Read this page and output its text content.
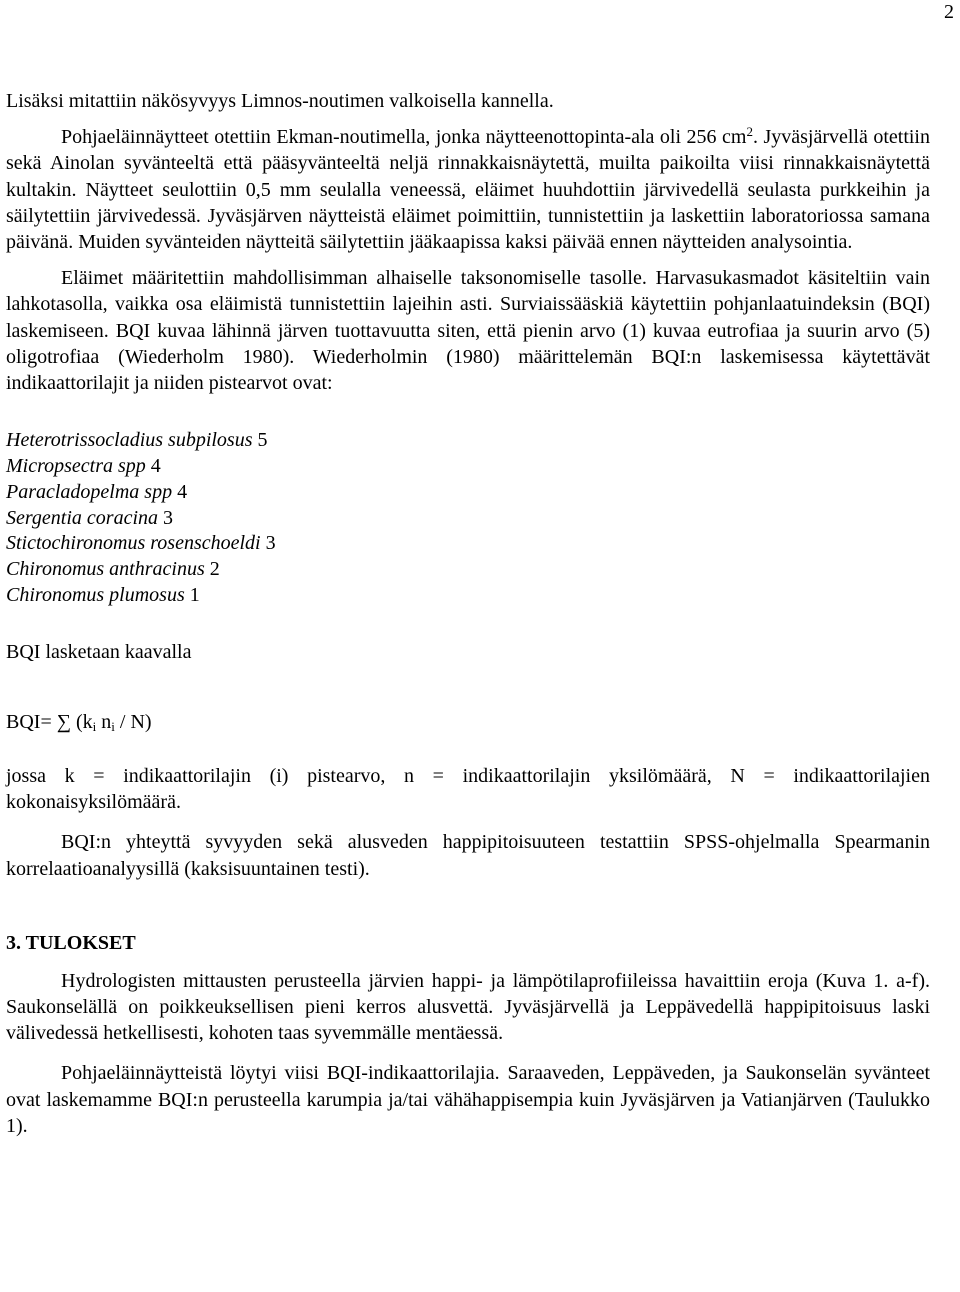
2

Lisäksi mitattiin näkösyvyys Limnos-noutimen valkoisella kannella.

Pohjaeläinnäytteet otettiin Ekman-noutimella, jonka näytteenottopinta-ala oli 256 $cm^2$. Jyväsjärvellä otettiin sekä Ainolan syvänteeltä että pääsyvänteeltä neljä rinnakkaisnäytettä, muilta paikoilta viisi rinnakkaisnäytettä kultakin. Näytteet seulottiin 0,5 mm seulalla veneessä, eläimet huuhdottiin järvivedellä seulasta purkkeihin ja säilytettiin järvivedessä. Jyväsjärven näytteistä eläimet poimittiin, tunnistettiin ja laskettiin laboratoriossa samana päivänä. Muiden syvänteiden näytteitä säilytettiin jääkaapissa kaksi päivää ennen näytteiden analysointia.

Eläimet määritettiin mahdollisimman alhaiselle taksonomiselle tasolle. Harvasukasmadot käsiteltiin vain lahkotasolla, vaikka osa eläimistä tunnistettiin lajeihin asti. Surviaissääskiä käytettiin pohjanlaatuindeksin (BQI) laskemiseen. BQI kuvaa lähinnä järven tuottavuutta siten, että pienin arvo (1) kuvaa eutrofiaa ja suurin arvo (5) oligotrofiaa (Wiederholm 1980). Wiederholmin (1980) määrittelemän BQI:n laskemisessa käytettävät indikaattorilajit ja niiden pistearvot ovat:

Heterotrissocladius subpilosus 5
Micropsectra spp 4
Paracladopelma spp 4
Sergentia coracina 3
Stictochironomus rosenschoeldi 3
Chironomus anthracinus 2
Chironomus plumosus 1

BQI lasketaan kaavalla

BQI= ∑ ($k_i$ $n_i / N$)

jossa k = indikaattorilajin (i) pistearvo, n = indikaattorilajin yksilömäärä, N = indikaattorilajien kokonaisyksilömäärä.

BQI:n yhteyttä syvyyden sekä alusveden happipitoisuuteen testattiin SPSS-ohjelmalla Spearmanin korrelaatioanalyysillä (kaksisuuntainen testi).

3. TULOKSET

Hydrologisten mittausten perusteella järvien happi- ja lämpötilaprofiileissa havaittiin eroja (Kuva 1. a-f). Saukonselällä on poikkeuksellisen pieni kerros alusvettä. Jyväsjärvellä ja Leppävedellä happipitoisuus laski välivedessä hetkellisesti, kohoten taas syvemmälle mentäessä.

Pohjaeläinnäytteistä löytyi viisi BQI-indikaattorilajia. Saraaveden, Leppäveden, ja Saukonselän syvänteet ovat laskemamme BQI:n perusteella karumpia ja/tai vähähappisempia kuin Jyväsjärven ja Vatianjärven (Taulukko 1).
